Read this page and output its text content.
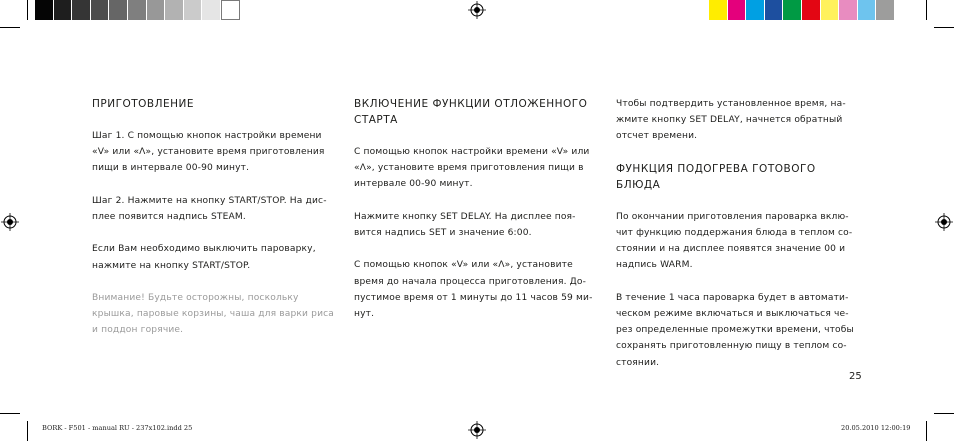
ПРИГОТОВЛЕНИЕ

Шаг 1. С помощью кнопок настройки времени «V» или «Λ», установите время приготовления пищи в интервале 00-90 минут.

Шаг 2. Нажмите на кнопку START/STOP. На дис-плее появится надпись STEAM.

Если Вам необходимо выключить пароварку, нажмите на кнопку START/STOP.

Внимание! Будьте осторожны, поскольку крышка, паровые корзины, чаша для варки риса и поддон горячие.

ВКЛЮЧЕНИЕ ФУНКЦИИ ОТЛОЖЕННОГО СТАРТА

С помощью кнопок настройки времени «V» или «Λ», установите время приготовления пищи в интервале 00-90 минут.

Нажмите кнопку SET DELAY. На дисплее поя-вится надпись SET и значение 6:00.

С помощью кнопок «V» или «Λ», установите время до начала процесса приготовления. До-пустимое время от 1 минуты до 11 часов 59 ми-нут.

Чтобы подтвердить установленное время, на-жмите кнопку SET DELAY, начнется обратный отсчет времени.

ФУНКЦИЯ ПОДОГРЕВА ГОТОВОГО БЛЮДА

По окончании приготовления пароварка вклю-чит функцию поддержания блюда в теплом со-стоянии и на дисплее появятся значение 00 и надпись WARM.

В течение 1 часа пароварка будет в автомати-ческом режиме включаться и выключаться че-рез определенные промежутки времени, чтобы сохранять приготовленную пищу в теплом со-стоянии.

25
BORK - F501 - manual RU - 237x102.indd 25	20.05.2010 12:00:19
